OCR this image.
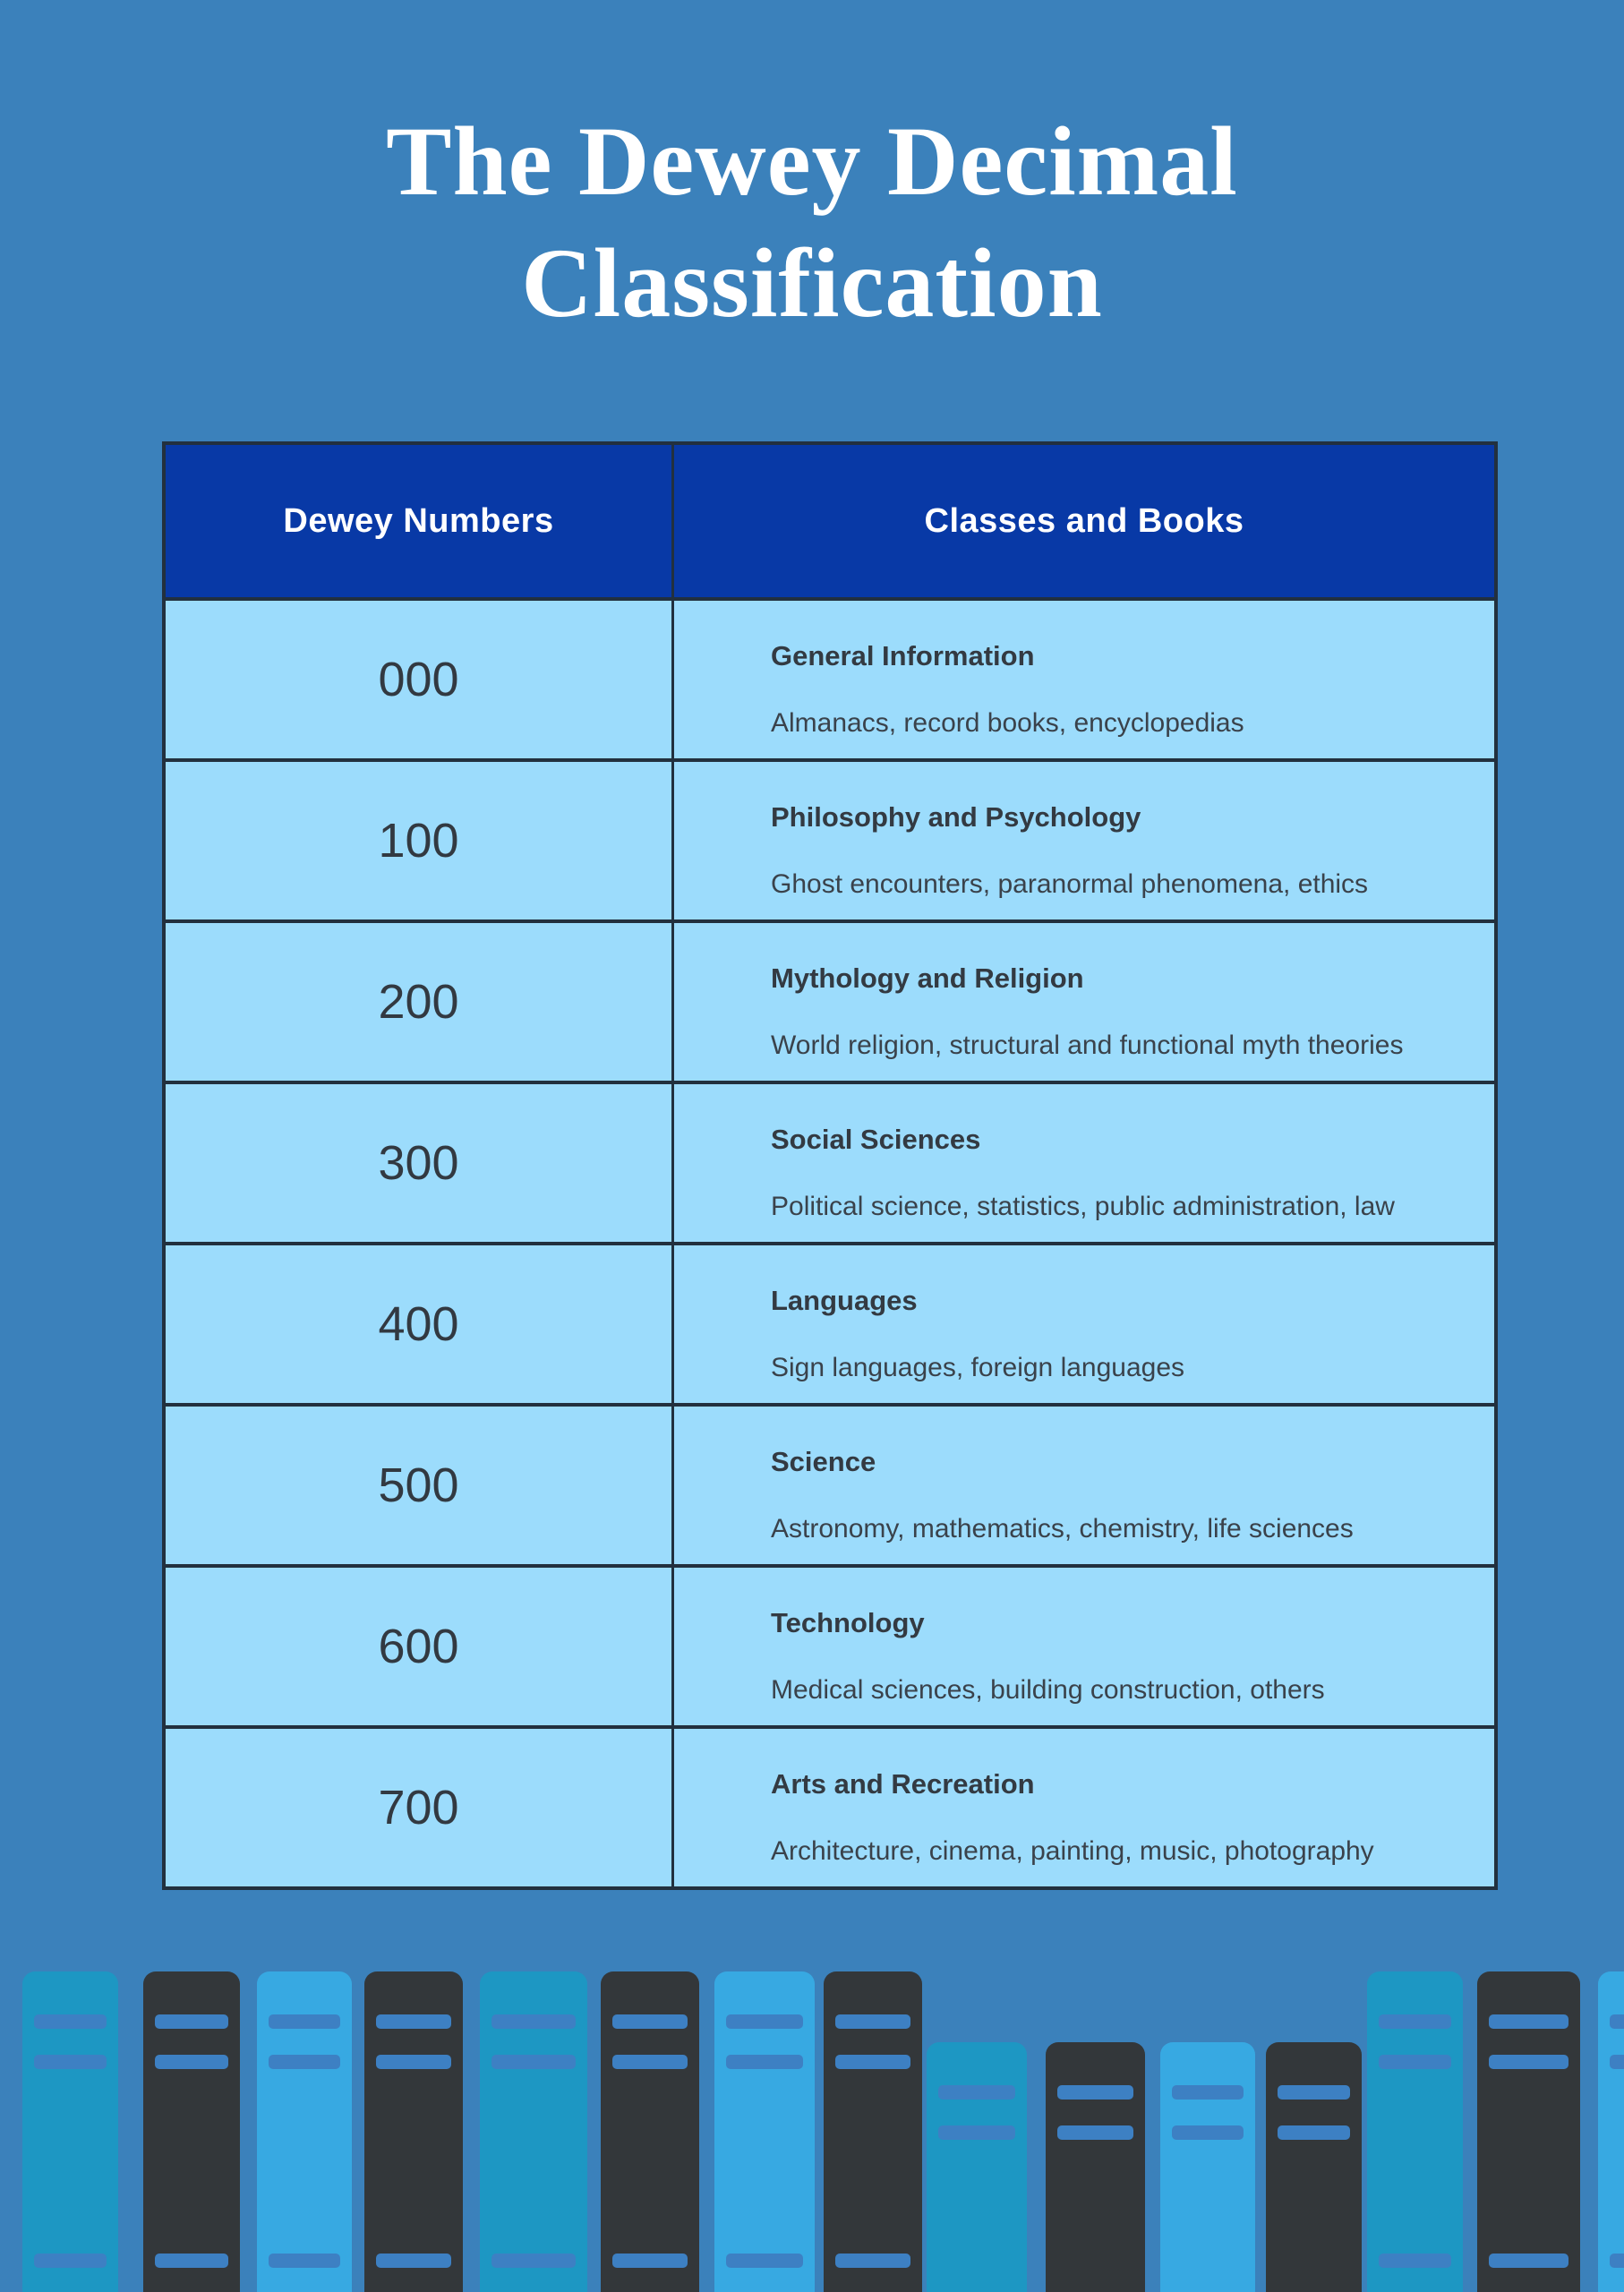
The Dewey Decimal
Classification
Dewey Numbers	Classes and Books
000	General Information
Almanacs, record books, encyclopedias
100	Philosophy and Psychology
Ghost encounters, paranormal phenomena, ethics
200	Mythology and Religion
World religion, structural and functional myth theories
300	Social Sciences
Political science, statistics, public administration, law
400	Languages
Sign languages, foreign languages
500	Science
Astronomy, mathematics, chemistry, life sciences
600	Technology
Medical sciences, building construction, others
700	Arts and Recreation
Architecture, cinema, painting, music, photography
